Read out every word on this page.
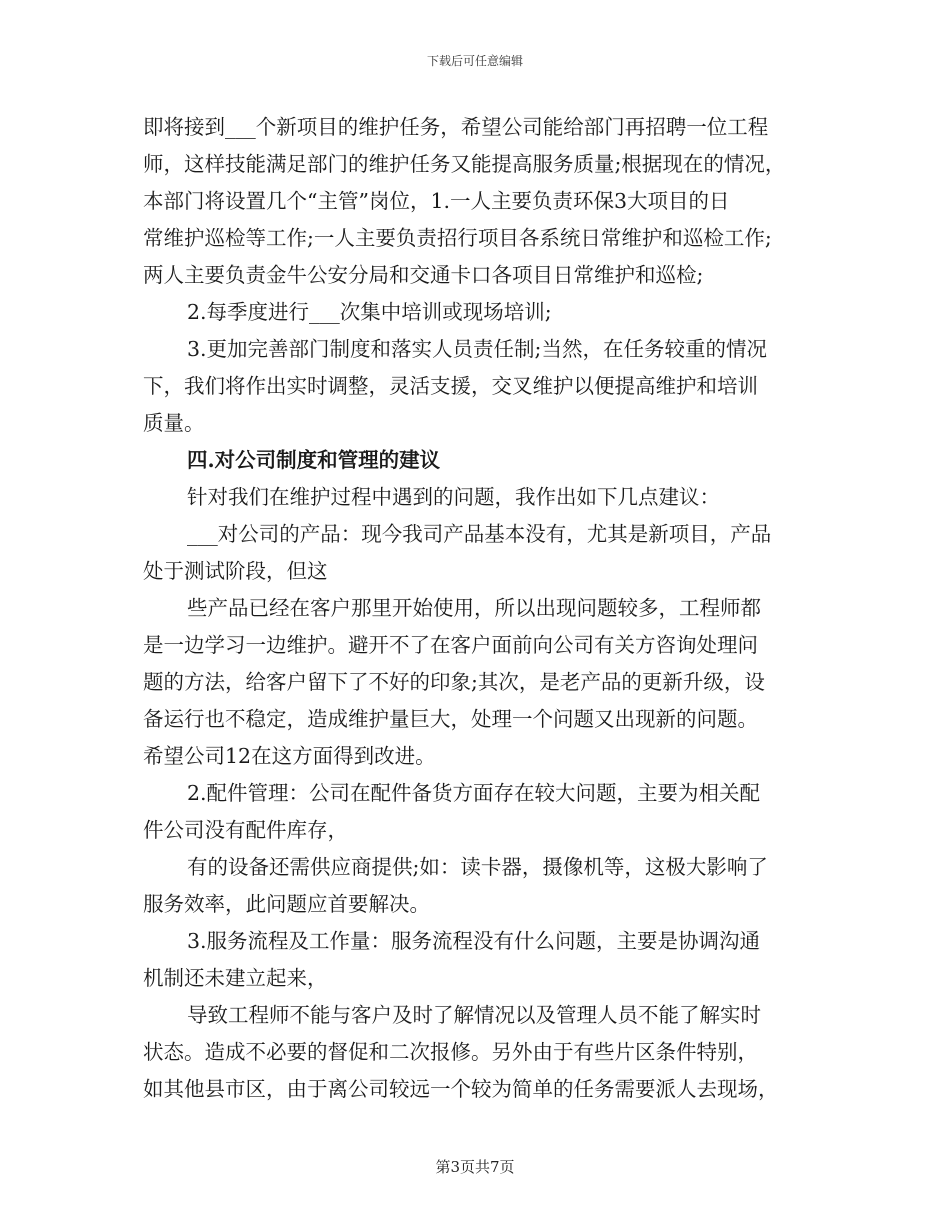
下载后可任意编辑
即将接到___个新项目的维护任务，希望公司能给部门再招聘一位工程
师，这样技能满足部门的维护任务又能提高服务质量;根据现在的情况，
本部门将设置几个“主管”岗位，1.一人主要负责环保3大项目的日
常维护巡检等工作;一人主要负责招行项目各系统日常维护和巡检工作;
两人主要负责金牛公安分局和交通卡口各项目日常维护和巡检;
2.每季度进行___次集中培训或现场培训;
3.更加完善部门制度和落实人员责任制;当然，在任务较重的情况
下，我们将作出实时调整，灵活支援，交叉维护以便提高维护和培训
质量。
四.对公司制度和管理的建议
针对我们在维护过程中遇到的问题，我作出如下几点建议：
___对公司的产品：现今我司产品基本没有，尤其是新项目，产品
处于测试阶段，但这
些产品已经在客户那里开始使用，所以出现问题较多，工程师都
是一边学习一边维护。避开不了在客户面前向公司有关方咨询处理问
题的方法，给客户留下了不好的印象;其次，是老产品的更新升级，设
备运行也不稳定，造成维护量巨大，处理一个问题又出现新的问题。
希望公司12在这方面得到改进。
2.配件管理：公司在配件备货方面存在较大问题，主要为相关配
件公司没有配件库存，
有的设备还需供应商提供;如：读卡器，摄像机等，这极大影响了
服务效率，此问题应首要解决。
3.服务流程及工作量：服务流程没有什么问题，主要是协调沟通
机制还未建立起来，
导致工程师不能与客户及时了解情况以及管理人员不能了解实时
状态。造成不必要的督促和二次报修。另外由于有些片区条件特别，
如其他县市区，由于离公司较远一个较为简单的任务需要派人去现场，
第3页共7页
